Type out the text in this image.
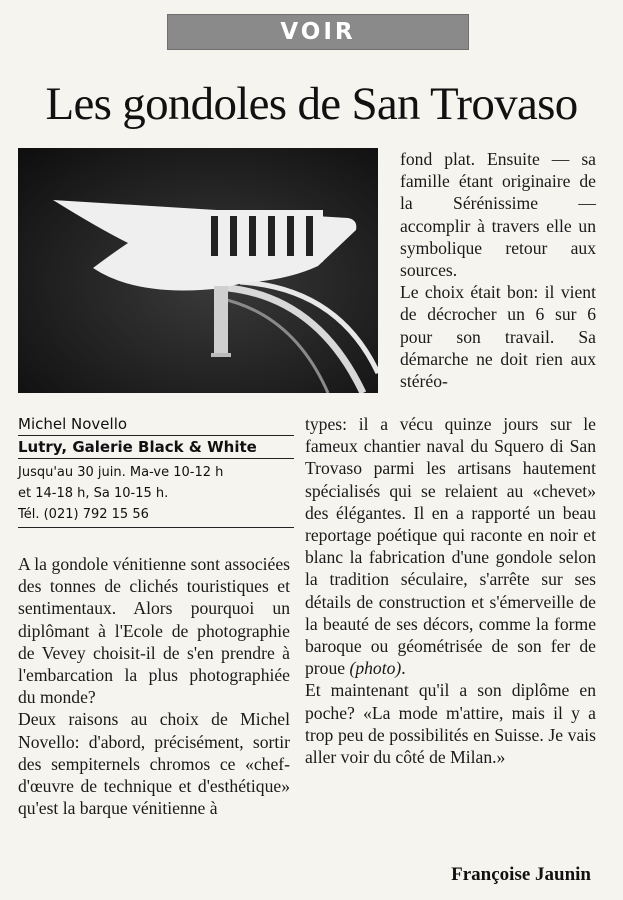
VOIR
Les gondoles de San Trovaso
Michel Novello
Lutry, Galerie Black & White
Jusqu'au 30 juin. Ma-ve 10-12 h
et 14-18 h, Sa 10-15 h.
Tél. (021) 792 15 56

A la gondole vénitienne sont associées des tonnes de clichés touristiques et sentimentaux. Alors pourquoi un diplômant à l'Ecole de photographie de Vevey choisit-il de s'en prendre à l'embarcation la plus photographiée du monde?

Deux raisons au choix de Michel Novello: d'abord, précisément, sortir des sempiternels chromos ce «chef-d'œuvre de technique et d'esthétique» qu'est la barque vénitienne à

fond plat. Ensuite — sa famille étant originaire de la Sérénissime — accomplir à travers elle un symbolique retour aux sources.

Le choix était bon: il vient de décrocher un 6 sur 6 pour son travail. Sa démarche ne doit rien aux stéréo-

types: il a vécu quinze jours sur le fameux chantier naval du Squero di San Trovaso parmi les artisans hautement spécialisés qui se relaient au «chevet» des élégantes. Il en a rapporté un beau reportage poétique qui raconte en noir et blanc la fabrication d'une gondole selon la tradition séculaire, s'arrête sur ses détails de construction et s'émerveille de la beauté de ses décors, comme la forme baroque ou géométrisée de son fer de proue (photo).

Et maintenant qu'il a son diplôme en poche? «La mode m'attire, mais il y a trop peu de possibilités en Suisse. Je vais aller voir du côté de Milan.»

Françoise Jaunin
